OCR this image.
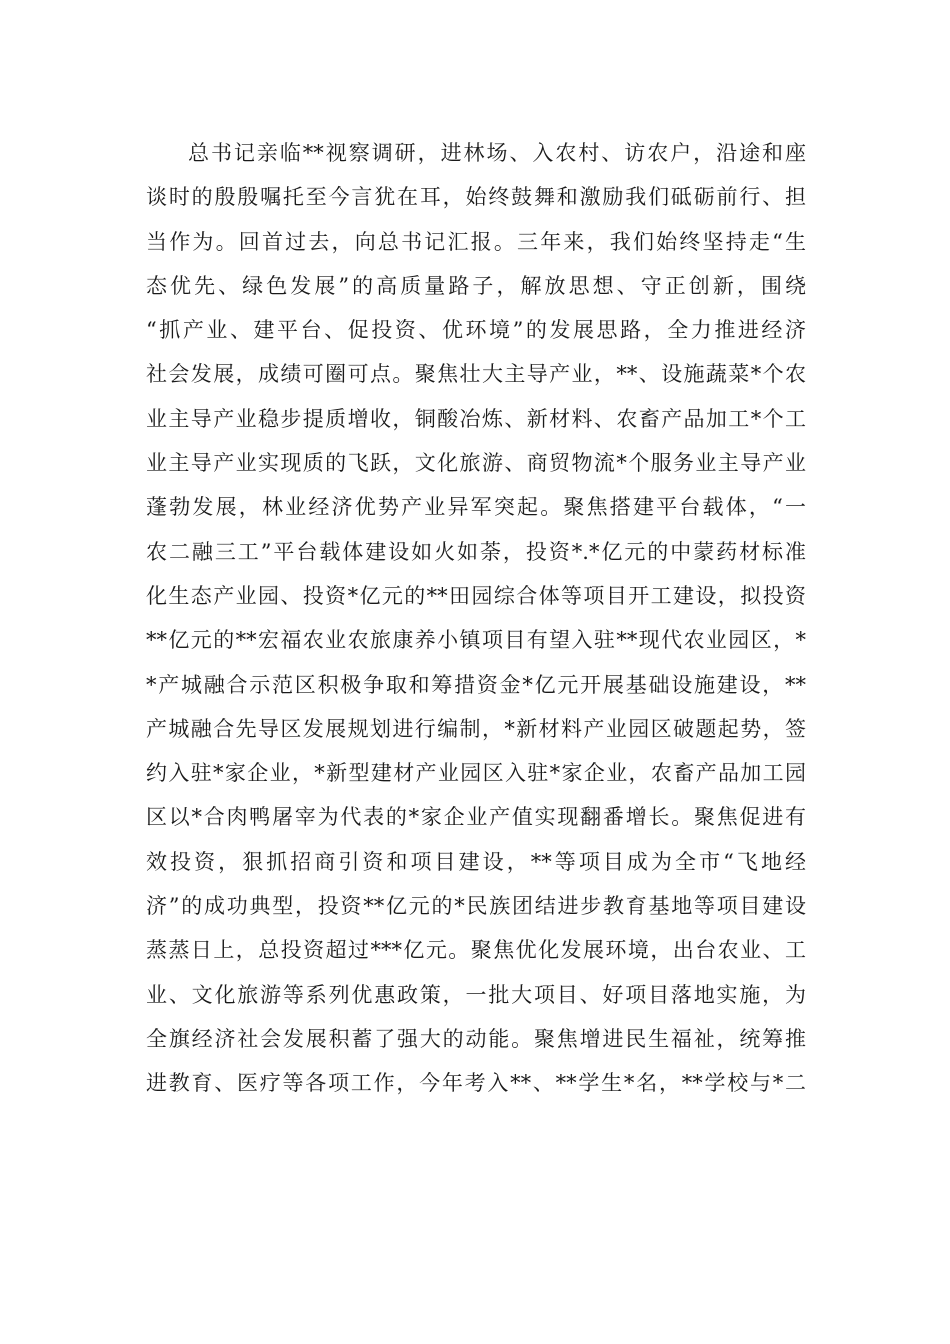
总书记亲临**视察调研，进林场、入农村、访农户，沿途和座
谈时的殷殷嘱托至今言犹在耳，始终鼓舞和激励我们砥砺前行、担
当作为。回首过去，向总书记汇报。三年来，我们始终坚持走“生
态优先、绿色发展”的高质量路子，解放思想、守正创新，围绕
“抓产业、建平台、促投资、优环境”的发展思路，全力推进经济
社会发展，成绩可圈可点。聚焦壮大主导产业，**、设施蔬菜*个农
业主导产业稳步提质增收，铜酸冶炼、新材料、农畜产品加工*个工
业主导产业实现质的飞跃，文化旅游、商贸物流*个服务业主导产业
蓬勃发展，林业经济优势产业异军突起。聚焦搭建平台载体，“一
农二融三工”平台载体建设如火如荼，投资*.*亿元的中蒙药材标准
化生态产业园、投资*亿元的**田园综合体等项目开工建设，拟投资
**亿元的**宏福农业农旅康养小镇项目有望入驻**现代农业园区，*
*产城融合示范区积极争取和筹措资金*亿元开展基础设施建设，**
产城融合先导区发展规划进行编制，*新材料产业园区破题起势，签
约入驻*家企业，*新型建材产业园区入驻*家企业，农畜产品加工园
区以*合肉鸭屠宰为代表的*家企业产值实现翻番增长。聚焦促进有
效投资，狠抓招商引资和项目建设，**等项目成为全市“飞地经
济”的成功典型，投资**亿元的*民族团结进步教育基地等项目建设
蒸蒸日上，总投资超过***亿元。聚焦优化发展环境，出台农业、工
业、文化旅游等系列优惠政策，一批大项目、好项目落地实施，为
全旗经济社会发展积蓄了强大的动能。聚焦增进民生福祉，统筹推
进教育、医疗等各项工作，今年考入**、**学生*名，**学校与*二
